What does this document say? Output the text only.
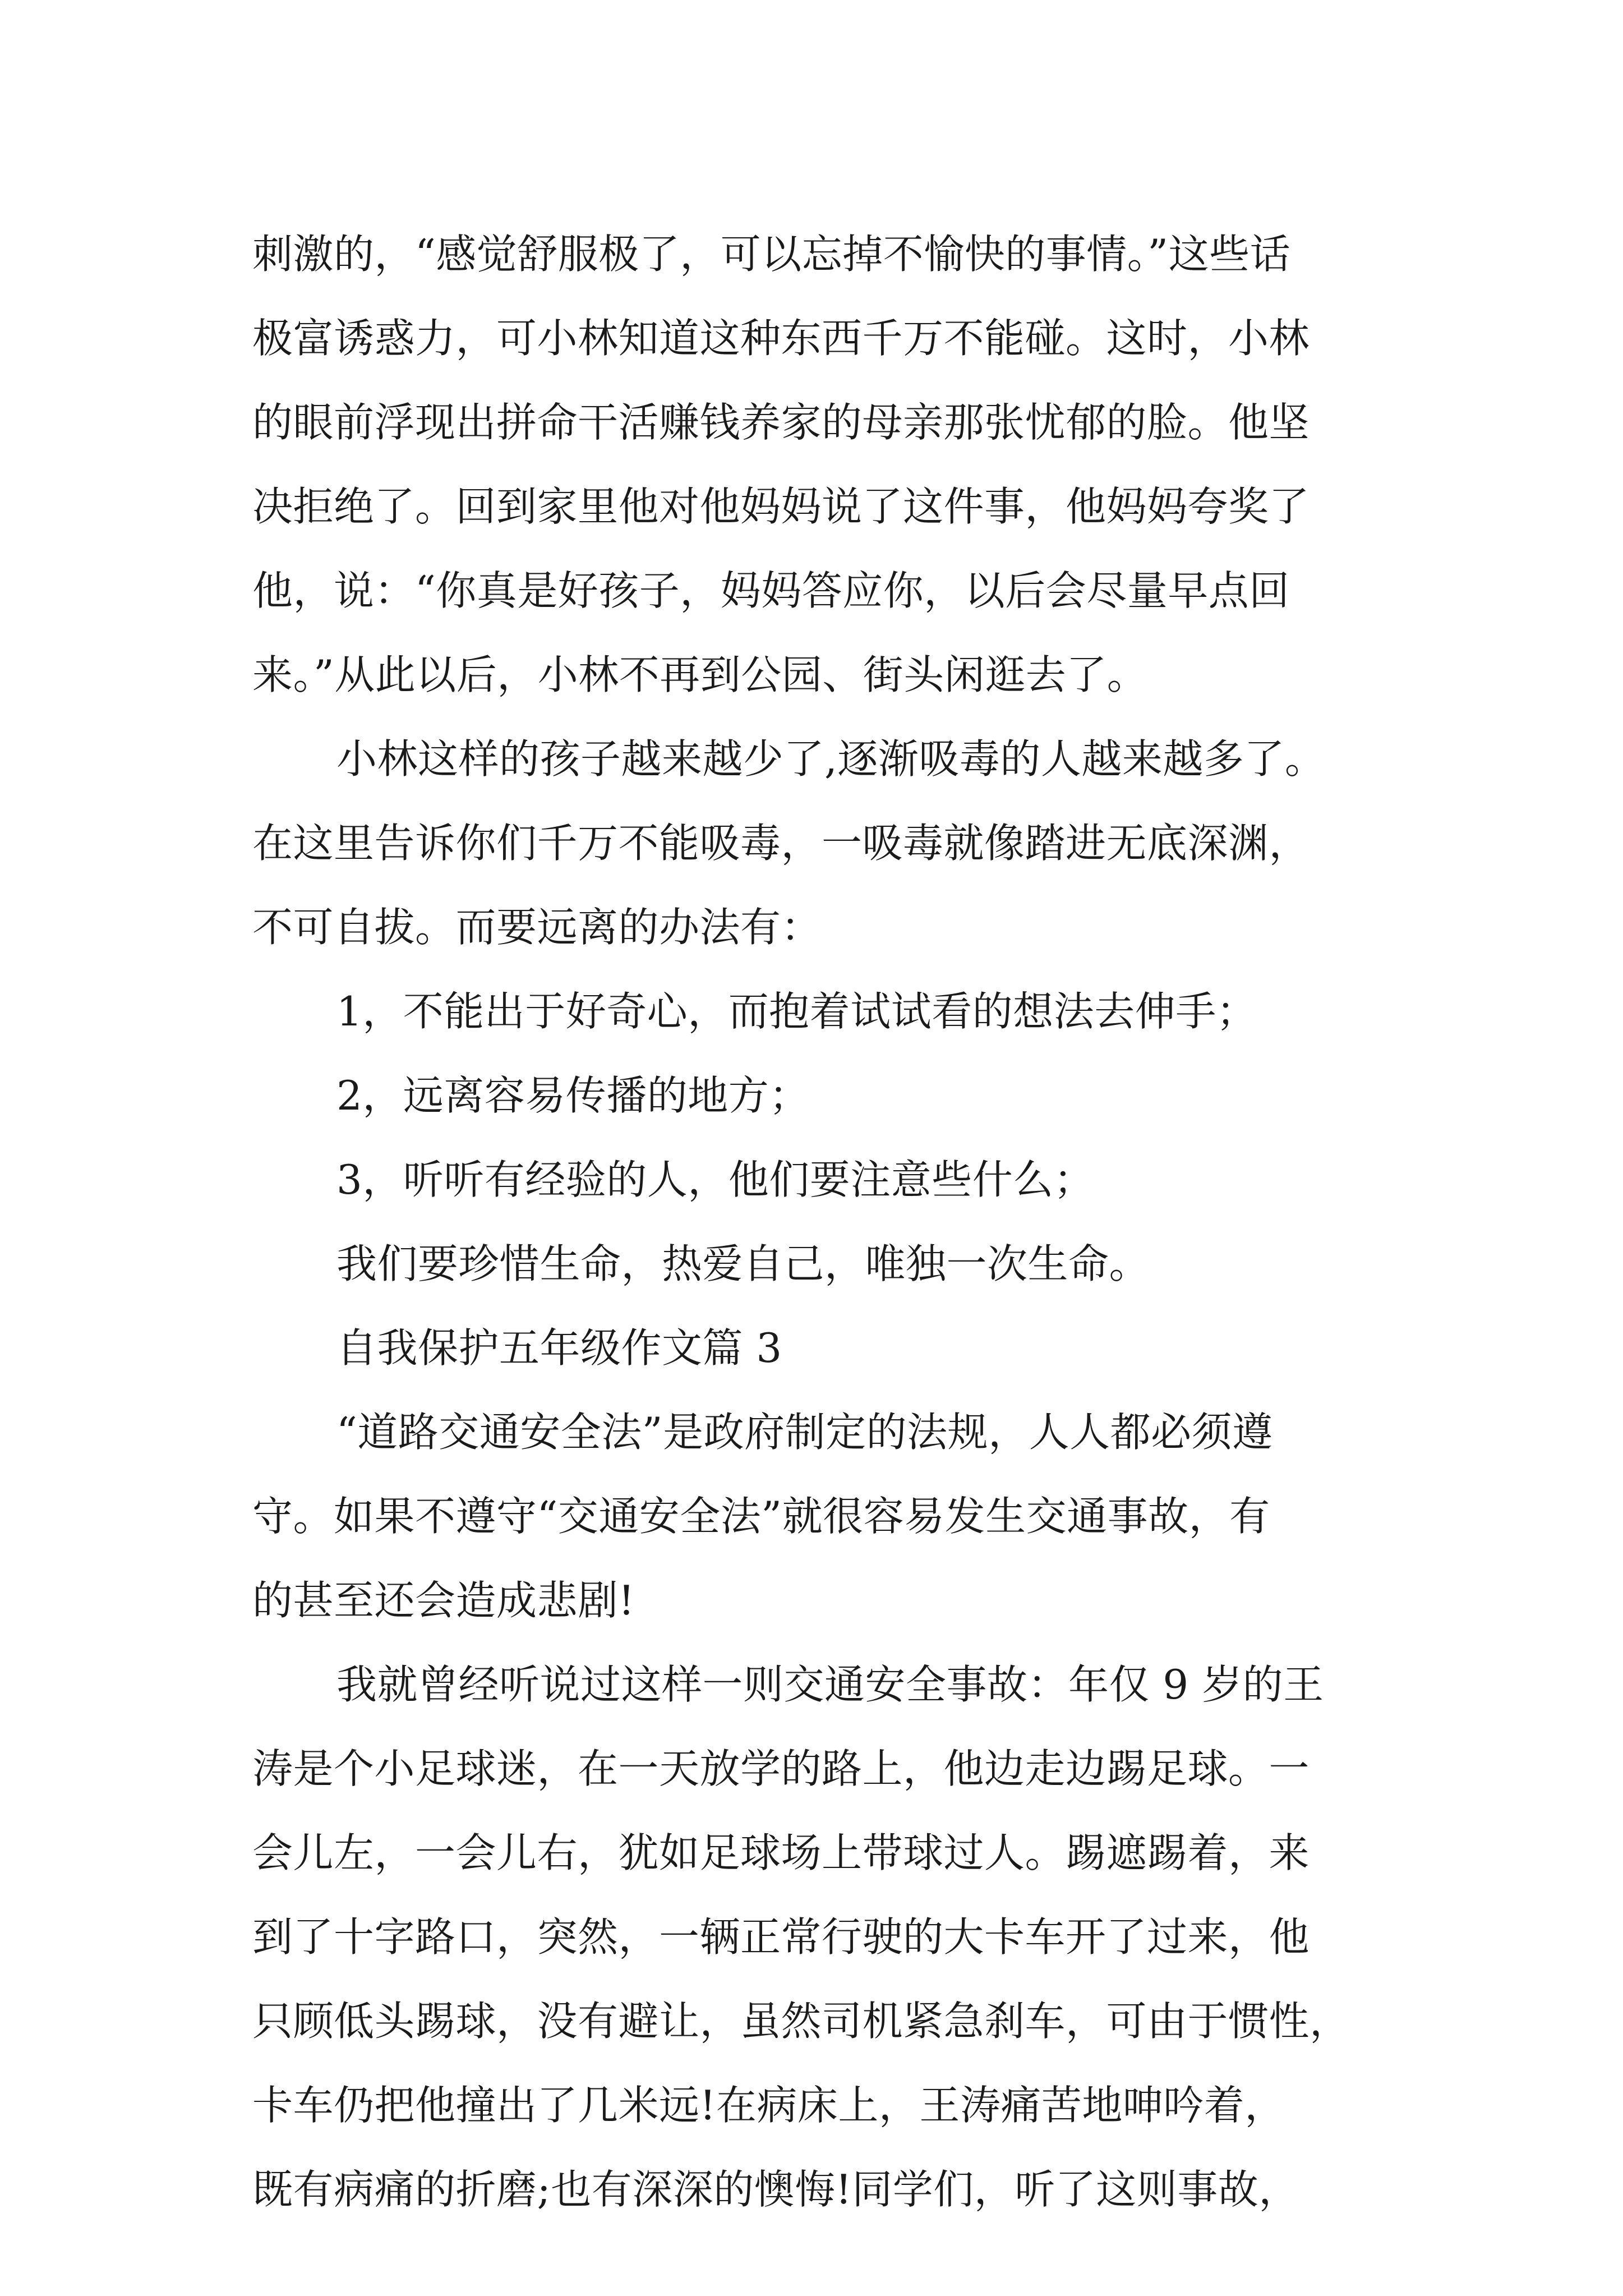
刺激的，“感觉舒服极了，可以忘掉不愉快的事情。”这些话
极富诱惑力，可小林知道这种东西千万不能碰。这时，小林
的眼前浮现出拼命干活赚钱养家的母亲那张忧郁的脸。他坚
决拒绝了。回到家里他对他妈妈说了这件事，他妈妈夸奖了
他，说：“你真是好孩子，妈妈答应你，以后会尽量早点回
来。”从此以后，小林不再到公园、街头闲逛去了。
小林这样的孩子越来越少了,逐渐吸毒的人越来越多了。
在这里告诉你们千万不能吸毒，一吸毒就像踏进无底深渊，
不可自拔。而要远离的办法有：
1，不能出于好奇心，而抱着试试看的想法去伸手；
2，远离容易传播的地方；
3，听听有经验的人，他们要注意些什么；
我们要珍惜生命，热爱自己，唯独一次生命。
自我保护五年级作文篇 3
“道路交通安全法”是政府制定的法规，人人都必须遵
守。如果不遵守“交通安全法”就很容易发生交通事故，有
的甚至还会造成悲剧!
我就曾经听说过这样一则交通安全事故：年仅 9 岁的王
涛是个小足球迷，在一天放学的路上，他边走边踢足球。一
会儿左，一会儿右，犹如足球场上带球过人。踢遮踢着，来
到了十字路口，突然，一辆正常行驶的大卡车开了过来，他
只顾低头踢球，没有避让，虽然司机紧急刹车，可由于惯性，
卡车仍把他撞出了几米远!在病床上，王涛痛苦地呻吟着，
既有病痛的折磨;也有深深的懊悔!同学们，听了这则事故，
